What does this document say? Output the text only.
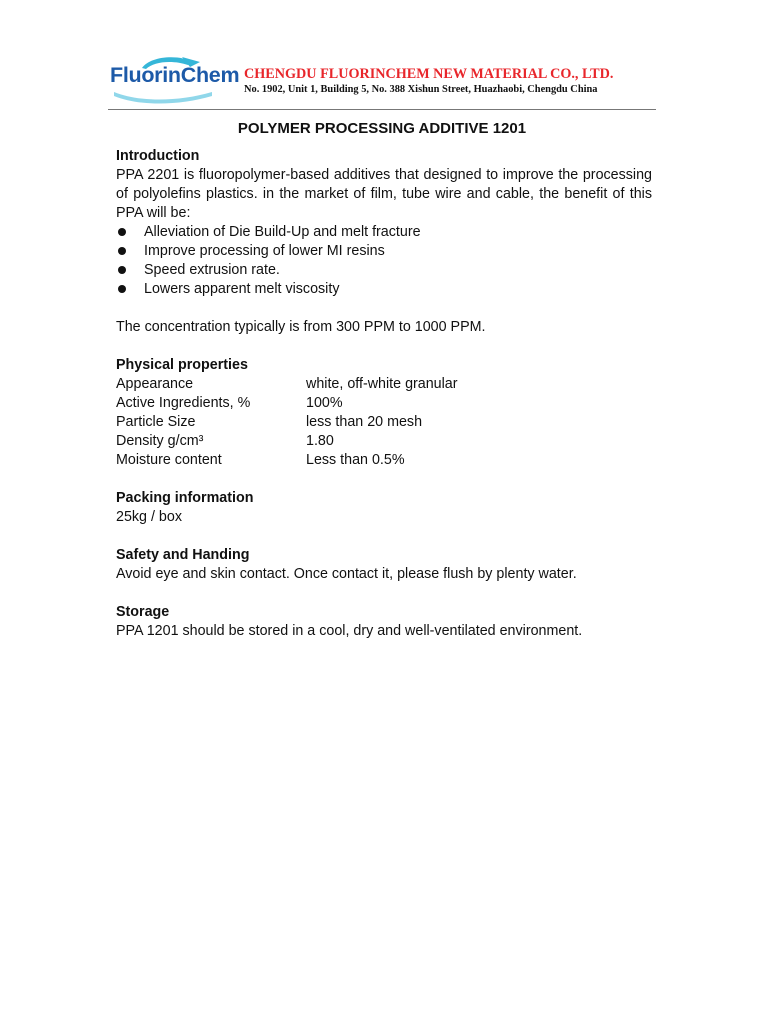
FluorinChem CHENGDU FLUORINCHEM NEW MATERIAL CO., LTD.
No. 1902, Unit 1, Building 5, No. 388 Xishun Street, Huazhaobi, Chengdu China
POLYMER PROCESSING ADDITIVE 1201

Introduction

PPA 2201 is fluoropolymer-based additives that designed to improve the processing of polyolefins plastics. in the market of film, tube wire and cable, the benefit of this PPA will be:

Alleviation of Die Build-Up and melt fracture
Improve processing of lower MI resins
Speed extrusion rate.
Lowers apparent melt viscosity

The concentration typically is from 300 PPM to 1000 PPM.

Physical properties

Appearance	white, off-white granular
Active Ingredients, %	100%
Particle Size	less than 20 mesh
Density g/cm³	1.80
Moisture content	Less than 0.5%

Packing information

25kg / box

Safety and Handing

Avoid eye and skin contact. Once contact it, please flush by plenty water.

Storage

PPA 1201 should be stored in a cool, dry and well-ventilated environment.
